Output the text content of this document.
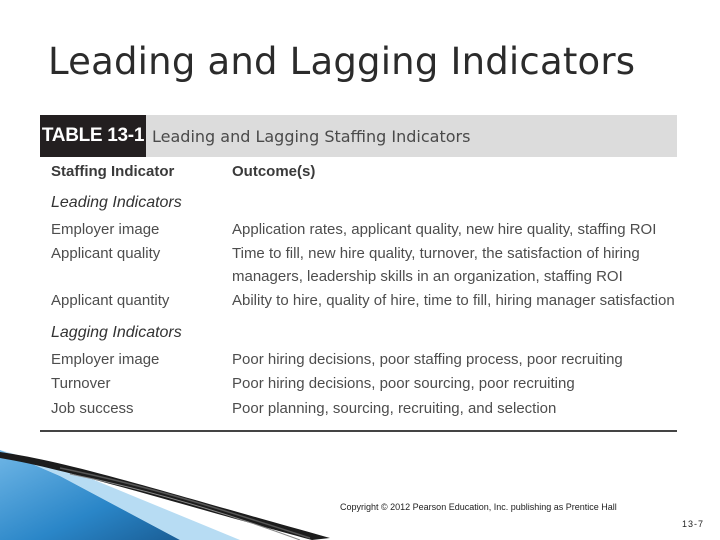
Leading and Lagging Indicators
TABLE 13-1 Leading and Lagging Staffing Indicators
Staffing Indicator	Outcome(s)
Leading Indicators
Employer image	Application rates, applicant quality, new hire quality, staffing ROI
Applicant quality	Time to fill, new hire quality, turnover, the satisfaction of hiring
managers, leadership skills in an organization, staffing ROI
Applicant quantity	Ability to hire, quality of hire, time to fill, hiring manager satisfaction
Lagging Indicators
Employer image	Poor hiring decisions, poor staffing process, poor recruiting
Turnover	Poor hiring decisions, poor sourcing, poor recruiting
Job success	Poor planning, sourcing, recruiting, and selection
Copyright © 2012 Pearson Education, Inc. publishing as Prentice Hall
13-7
